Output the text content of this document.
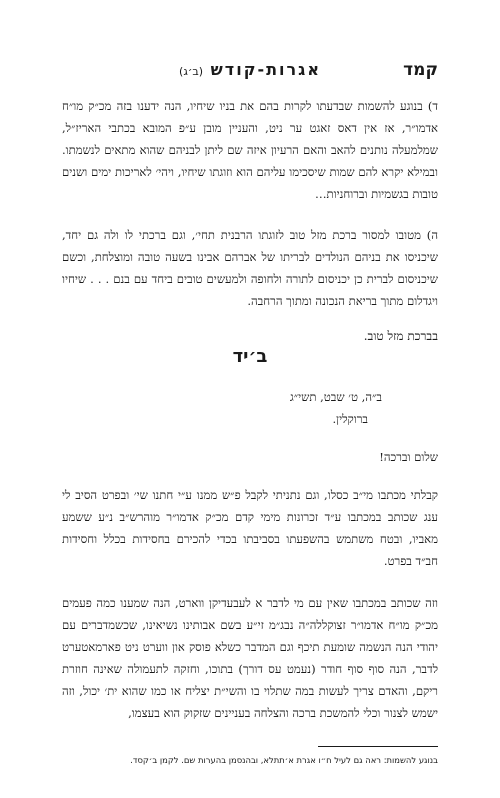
קמד
אגרות-קודש (ב׳ג)
ד) בנוגע להשמות שבדעתו לקרות בהם את בניו שיחיו, הנה ידענו בזה מכ״ק מו״ח אדמו״ר, אז אין דאס זאגט ער ניט, והעניין מובן ע״פ המובא בכתבי האריז״ל, שמלמעלה נותנים להאב והאם הרעיון איזה שם ליתן לבניהם שהוא מתאים לנשמתו. ובמילא יקרא להם שמות שיסכימו עליהם הוא וזוגתו שיחיו, ויהי׳ לאריכות ימים ושנים טובות בגשמיות וברוחניות…
ה) מטובו למסור ברכת מזל טוב לזוגתו הרבנית תחי׳, וגם ברכתי לו ולה גם יחד, שיכניסו את בניהם הנולדים לבריתו של אברהם אבינו בשעה טובה ומוצלחת, וכשם שיכניסום לברית כן יכניסום לתורה ולחופה ולמעשים טובים ביחד עם בנם . . . שיחיו ויגדלום מתוך בריאת הנכונה ומתוך הרחבה.
בברכת מזל טוב.
ב׳יד
ב״ה, ט׳ שבט, תשי״ג
ברוקלין.
שלום וברכה!
קבלתי מכתבו מי״ב כסלו, וגם נתניתי לקבל פ״ש ממנו ע״י חתנו שי׳ ובפרט הסיב לי ענג שכותב במכתבו ע״ד זכרונות מימי קדם מכ״ק אדמו״ר מוהרש״ב נ״ע ששמע מאביו, ובטח משתמש בהשפעתו בסביבתו בכדי להכירם בחסידות בכלל וחסידות חב״ד בפרט.
וזה שכותב במכתבו שאין עם מי לדבר א לעבעדיקן ווארט, הנה שמענו כמה פעמים מכ״ק מו״ח אדמו״ר זצוקללה״ה נבג״מ זי״ע בשם אבותינו נשיאינו, שכשמדברים עם יהודי הנה הנשמה שומעת תיכף וגם המדבר כשלא פוסק און ווערט ניט פארמאטערט לדבר, הנה סוף סוף חודר (נעמט עס דורך) בתוכו, וחזקה לתעמולה שאינה חוזרת ריקם, והאדם צריך לעשות במה שתלוי בו והשי״ת יצליח או כמו שהוא ית׳ יכול, וזה ישמש לצנור וכלי להמשכת ברכה והצלחה בעניינים שזקוק הוא בעצמו,
בנוגע להשמות: ראה גם לעיל ח״ו אגרת א׳תתלא, ובהנסמן בהערות שם. לקמן ב׳קסד.
